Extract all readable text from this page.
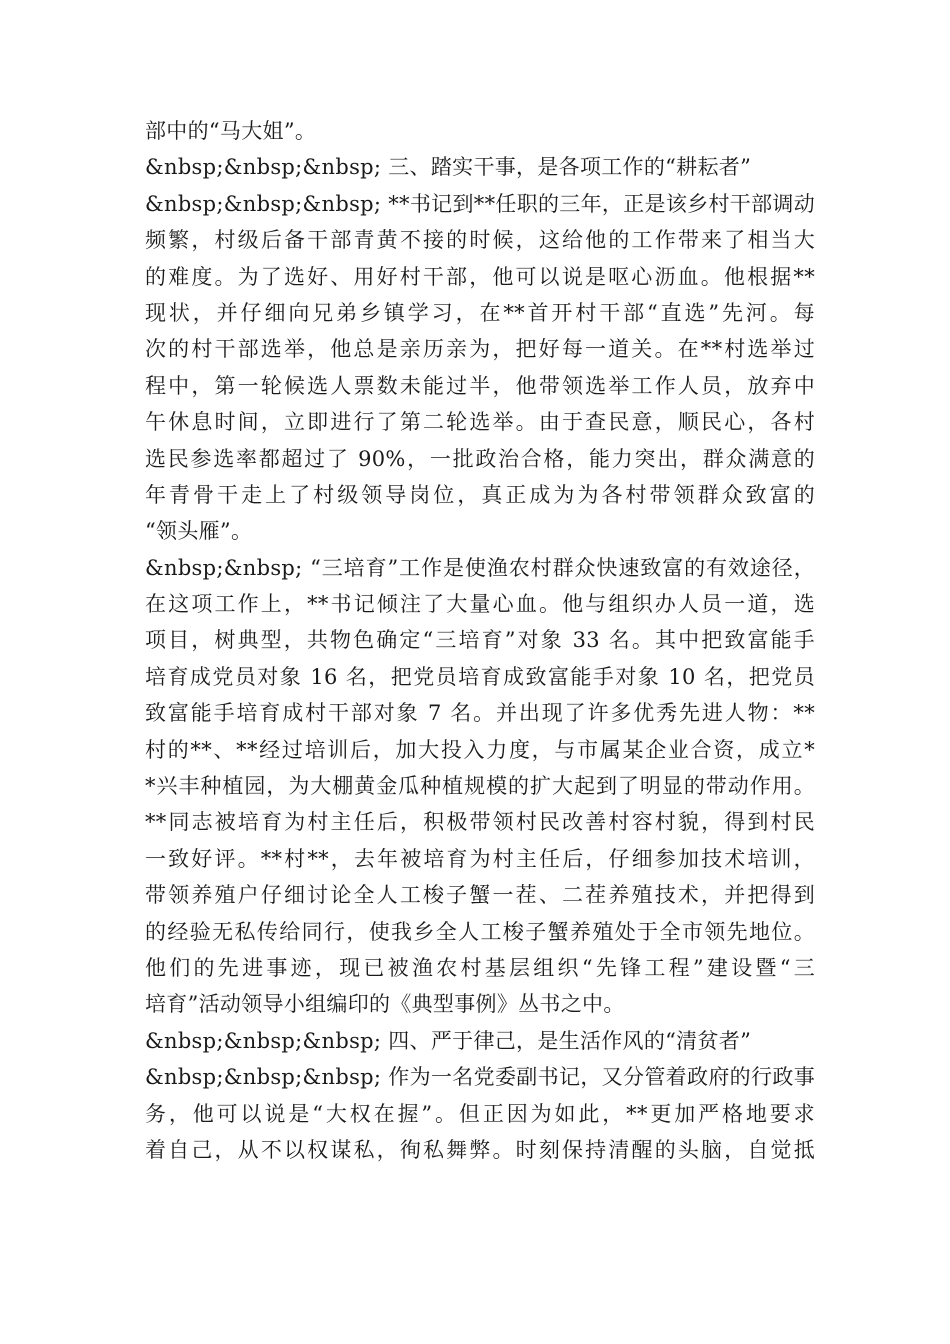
部中的“马大姐”。
&nbsp;&nbsp;&nbsp; 三、踏实干事，是各项工作的“耕耘者”
&nbsp;&nbsp;&nbsp; **书记到**任职的三年，正是该乡村干部调动
频繁，村级后备干部青黄不接的时候，这给他的工作带来了相当大
的难度。为了选好、用好村干部，他可以说是呕心沥血。他根据**
现状，并仔细向兄弟乡镇学习，在**首开村干部“直选”先河。每
次的村干部选举，他总是亲历亲为，把好每一道关。在**村选举过
程中，第一轮候选人票数未能过半，他带领选举工作人员，放弃中
午休息时间，立即进行了第二轮选举。由于查民意，顺民心，各村
选民参选率都超过了 90%，一批政治合格，能力突出，群众满意的
年青骨干走上了村级领导岗位，真正成为为各村带领群众致富的
“领头雁”。
&nbsp;&nbsp; “三培育”工作是使渔农村群众快速致富的有效途径，
在这项工作上，**书记倾注了大量心血。他与组织办人员一道，选
项目，树典型，共物色确定“三培育”对象 33 名。其中把致富能手
培育成党员对象 16 名，把党员培育成致富能手对象 10 名，把党员
致富能手培育成村干部对象 7 名。并出现了许多优秀先进人物：**
村的**、**经过培训后，加大投入力度，与市属某企业合资，成立*
*兴丰种植园，为大棚黄金瓜种植规模的扩大起到了明显的带动作用。
**同志被培育为村主任后，积极带领村民改善村容村貌，得到村民
一致好评。**村**，去年被培育为村主任后，仔细参加技术培训，
带领养殖户仔细讨论全人工梭子蟹一茬、二茬养殖技术，并把得到
的经验无私传给同行，使我乡全人工梭子蟹养殖处于全市领先地位。
他们的先进事迹，现已被渔农村基层组织“先锋工程”建设暨“三
培育”活动领导小组编印的《典型事例》丛书之中。
&nbsp;&nbsp;&nbsp; 四、严于律己，是生活作风的“清贫者”
&nbsp;&nbsp;&nbsp; 作为一名党委副书记，又分管着政府的行政事
务，他可以说是“大权在握”。但正因为如此，**更加严格地要求
着自己，从不以权谋私，徇私舞弊。时刻保持清醒的头脑，自觉抵
